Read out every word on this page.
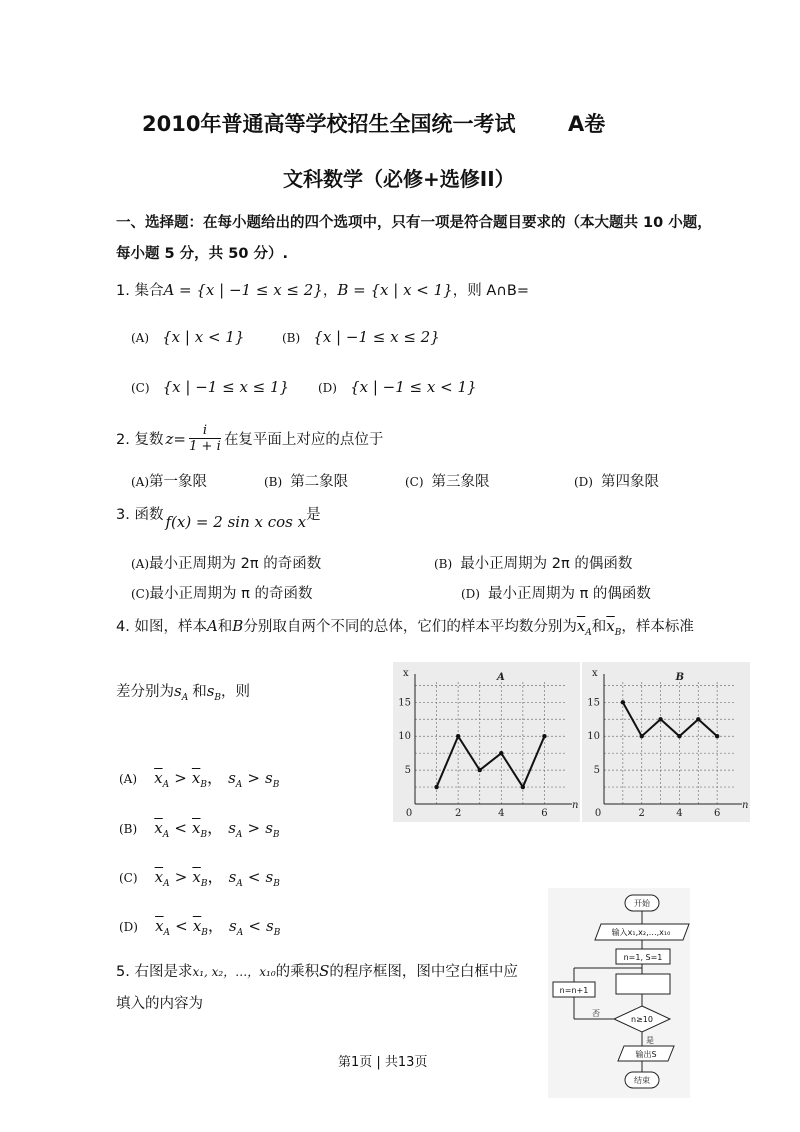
2010年普通高等学校招生全国统一考试	A卷
文科数学（必修+选修II）
一、选择题：在每小题给出的四个选项中，只有一项是符合题目要求的（本大题共 10 小题，
每小题 5 分，共 50 分）.
1. 集合A = {x | −1 ≤ x ≤ 2}，B = {x | x < 1}，则 A∩B=
(A) {x | x < 1}	(B) {x | −1 ≤ x ≤ 2}
(C) {x | −1 ≤ x ≤ 1} (D) {x | −1 ≤ x < 1}
2. 复数 z= i
1 + i 在复平面上对应的点位于
(A)第一象限	(B) 第二象限	(C) 第三象限	(D) 第四象限
3. 函数 f(x) = 2 sin x cos x是
(A)最小正周期为 2π 的奇函数	(B) 最小正周期为 2π 的偶函数
(C)最小正周期为 π 的奇函数	(D) 最小正周期为 π 的偶函数
4. 如图，样本A和B分别取自两个不同的总体，它们的样本平均数分别为$\overline{x}_A$和$\overline{x}_B$，样本标准
差分别为$s_A$ 和$s_B$，则
(A) $\overline{x}_A > \overline{x}_B$， $s_A > s_B$
(B) $\overline{x}_A < \overline{x}_B$， $s_A > s_B$
(C) $\overline{x}_A > \overline{x}_B$， $s_A < s_B$
(D) $\overline{x}_A < \overline{x}_B$， $s_A < s_B$
x
n
A
5
10
15
0	2	4	6
x
n
B
5
10
15
0	2	4	6
5. 右图是求x₁, x₂，…，x₁₀的乘积S的程序框图，图中空白框中应
填入的内容为
开始
输入x₁,x₂,…,x₁₀
n=1, S=1
n≥10
否
n=n+1
是
输出S
结束
第1页 | 共13页
